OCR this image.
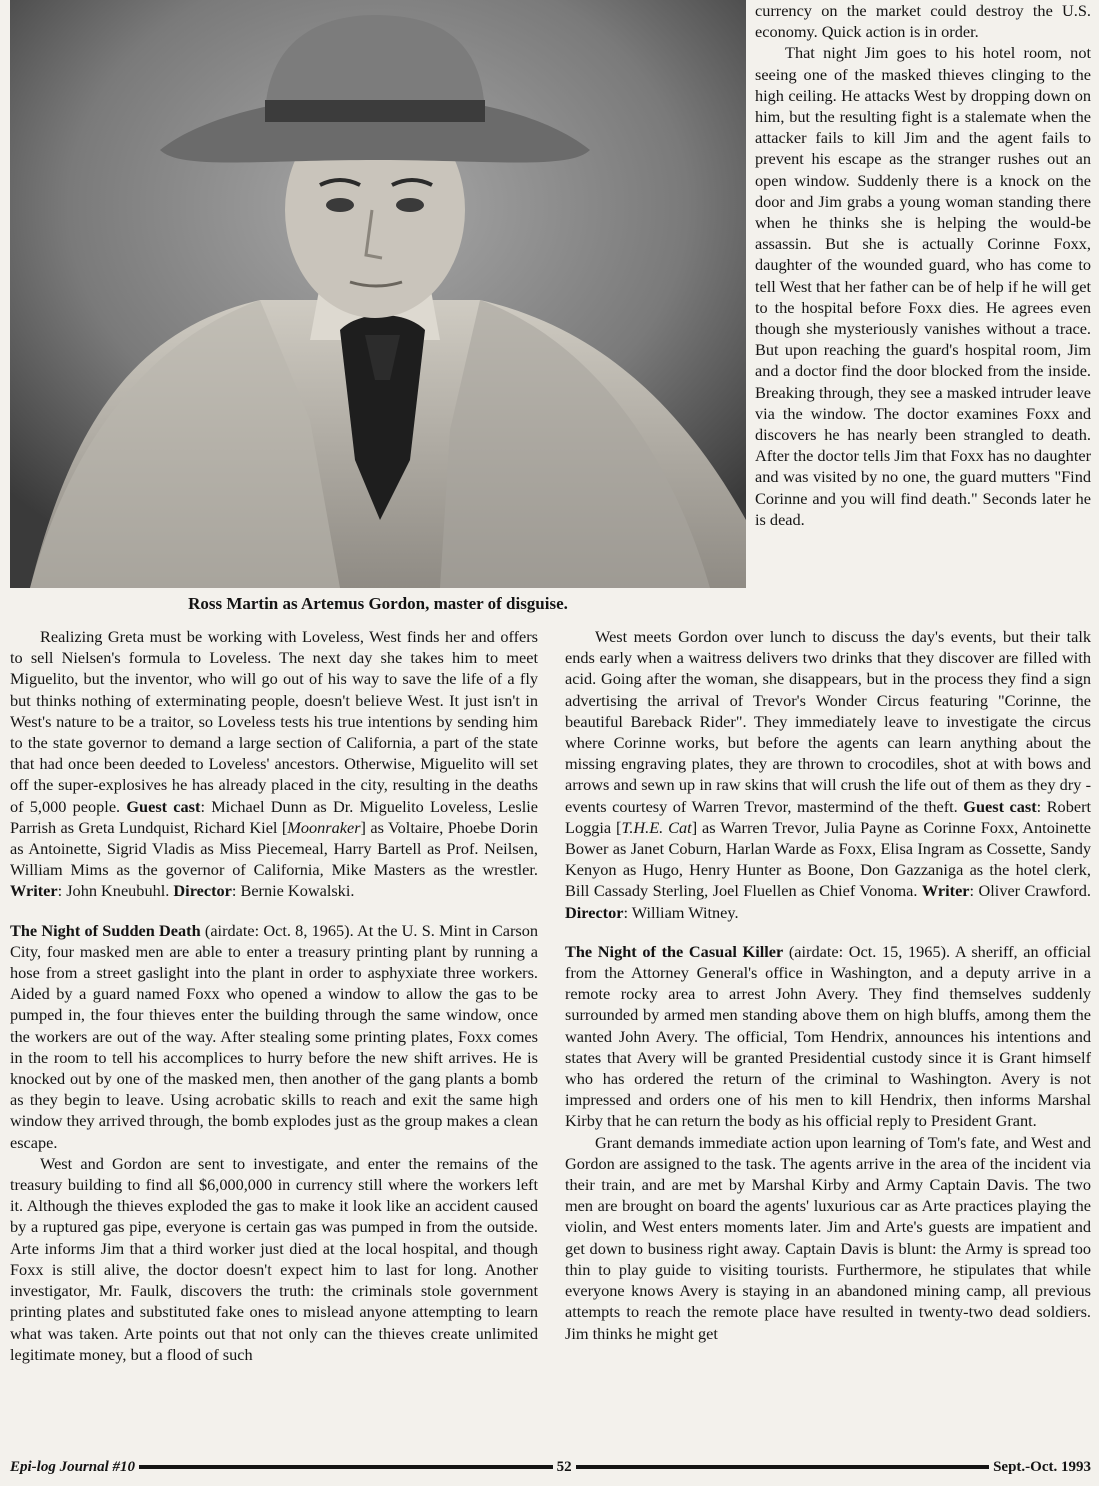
Ross Martin as Artemus Gordon, master of disguise.

currency on the market could destroy the U.S. economy. Quick action is in order.

That night Jim goes to his hotel room, not seeing one of the masked thieves clinging to the high ceiling. He attacks West by dropping down on him, but the resulting fight is a stalemate when the attacker fails to kill Jim and the agent fails to prevent his escape as the stranger rushes out an open window. Suddenly there is a knock on the door and Jim grabs a young woman standing there when he thinks she is helping the would-be assassin. But she is actually Corinne Foxx, daughter of the wounded guard, who has come to tell West that her father can be of help if he will get to the hospital before Foxx dies. He agrees even though she mysteriously vanishes without a trace. But upon reaching the guard's hospital room, Jim and a doctor find the door blocked from the inside. Breaking through, they see a masked intruder leave via the window. The doctor examines Foxx and discovers he has nearly been strangled to death. After the doctor tells Jim that Foxx has no daughter and was visited by no one, the guard mutters "Find Corinne and you will find death." Seconds later he is dead.

Realizing Greta must be working with Loveless, West finds her and offers to sell Nielsen's formula to Loveless. The next day she takes him to meet Miguelito, but the inventor, who will go out of his way to save the life of a fly but thinks nothing of exterminating people, doesn't believe West. It just isn't in West's nature to be a traitor, so Loveless tests his true intentions by sending him to the state governor to demand a large section of California, a part of the state that had once been deeded to Loveless' ancestors. Otherwise, Miguelito will set off the super-explosives he has already placed in the city, resulting in the deaths of 5,000 people. Guest cast: Michael Dunn as Dr. Miguelito Loveless, Leslie Parrish as Greta Lundquist, Richard Kiel [Moonraker] as Voltaire, Phoebe Dorin as Antoinette, Sigrid Vladis as Miss Piecemeal, Harry Bartell as Prof. Neilsen, William Mims as the governor of California, Mike Masters as the wrestler. Writer: John Kneubuhl. Director: Bernie Kowalski.

The Night of Sudden Death (airdate: Oct. 8, 1965). At the U. S. Mint in Carson City, four masked men are able to enter a treasury printing plant by running a hose from a street gaslight into the plant in order to asphyxiate three workers. Aided by a guard named Foxx who opened a window to allow the gas to be pumped in, the four thieves enter the building through the same window, once the workers are out of the way. After stealing some printing plates, Foxx comes in the room to tell his accomplices to hurry before the new shift arrives. He is knocked out by one of the masked men, then another of the gang plants a bomb as they begin to leave. Using acrobatic skills to reach and exit the same high window they arrived through, the bomb explodes just as the group makes a clean escape.

West and Gordon are sent to investigate, and enter the remains of the treasury building to find all $6,000,000 in currency still where the workers left it. Although the thieves exploded the gas to make it look like an accident caused by a ruptured gas pipe, everyone is certain gas was pumped in from the outside. Arte informs Jim that a third worker just died at the local hospital, and though Foxx is still alive, the doctor doesn't expect him to last for long. Another investigator, Mr. Faulk, discovers the truth: the criminals stole government printing plates and substituted fake ones to mislead anyone attempting to learn what was taken. Arte points out that not only can the thieves create unlimited legitimate money, but a flood of such

West meets Gordon over lunch to discuss the day's events, but their talk ends early when a waitress delivers two drinks that they discover are filled with acid. Going after the woman, she disappears, but in the process they find a sign advertising the arrival of Trevor's Wonder Circus featuring "Corinne, the beautiful Bareback Rider". They immediately leave to investigate the circus where Corinne works, but before the agents can learn anything about the missing engraving plates, they are thrown to crocodiles, shot at with bows and arrows and sewn up in raw skins that will crush the life out of them as they dry - events courtesy of Warren Trevor, mastermind of the theft. Guest cast: Robert Loggia [T.H.E. Cat] as Warren Trevor, Julia Payne as Corinne Foxx, Antoinette Bower as Janet Coburn, Harlan Warde as Foxx, Elisa Ingram as Cossette, Sandy Kenyon as Hugo, Henry Hunter as Boone, Don Gazzaniga as the hotel clerk, Bill Cassady Sterling, Joel Fluellen as Chief Vonoma. Writer: Oliver Crawford. Director: William Witney.

The Night of the Casual Killer (airdate: Oct. 15, 1965). A sheriff, an official from the Attorney General's office in Washington, and a deputy arrive in a remote rocky area to arrest John Avery. They find themselves suddenly surrounded by armed men standing above them on high bluffs, among them the wanted John Avery. The official, Tom Hendrix, announces his intentions and states that Avery will be granted Presidential custody since it is Grant himself who has ordered the return of the criminal to Washington. Avery is not impressed and orders one of his men to kill Hendrix, then informs Marshal Kirby that he can return the body as his official reply to President Grant.

Grant demands immediate action upon learning of Tom's fate, and West and Gordon are assigned to the task. The agents arrive in the area of the incident via their train, and are met by Marshal Kirby and Army Captain Davis. The two men are brought on board the agents' luxurious car as Arte practices playing the violin, and West enters moments later. Jim and Arte's guests are impatient and get down to business right away. Captain Davis is blunt: the Army is spread too thin to play guide to visiting tourists. Furthermore, he stipulates that while everyone knows Avery is staying in an abandoned mining camp, all previous attempts to reach the remote place have resulted in twenty-two dead soldiers. Jim thinks he might get

Epi-log Journal #10	52	Sept.-Oct. 1993
